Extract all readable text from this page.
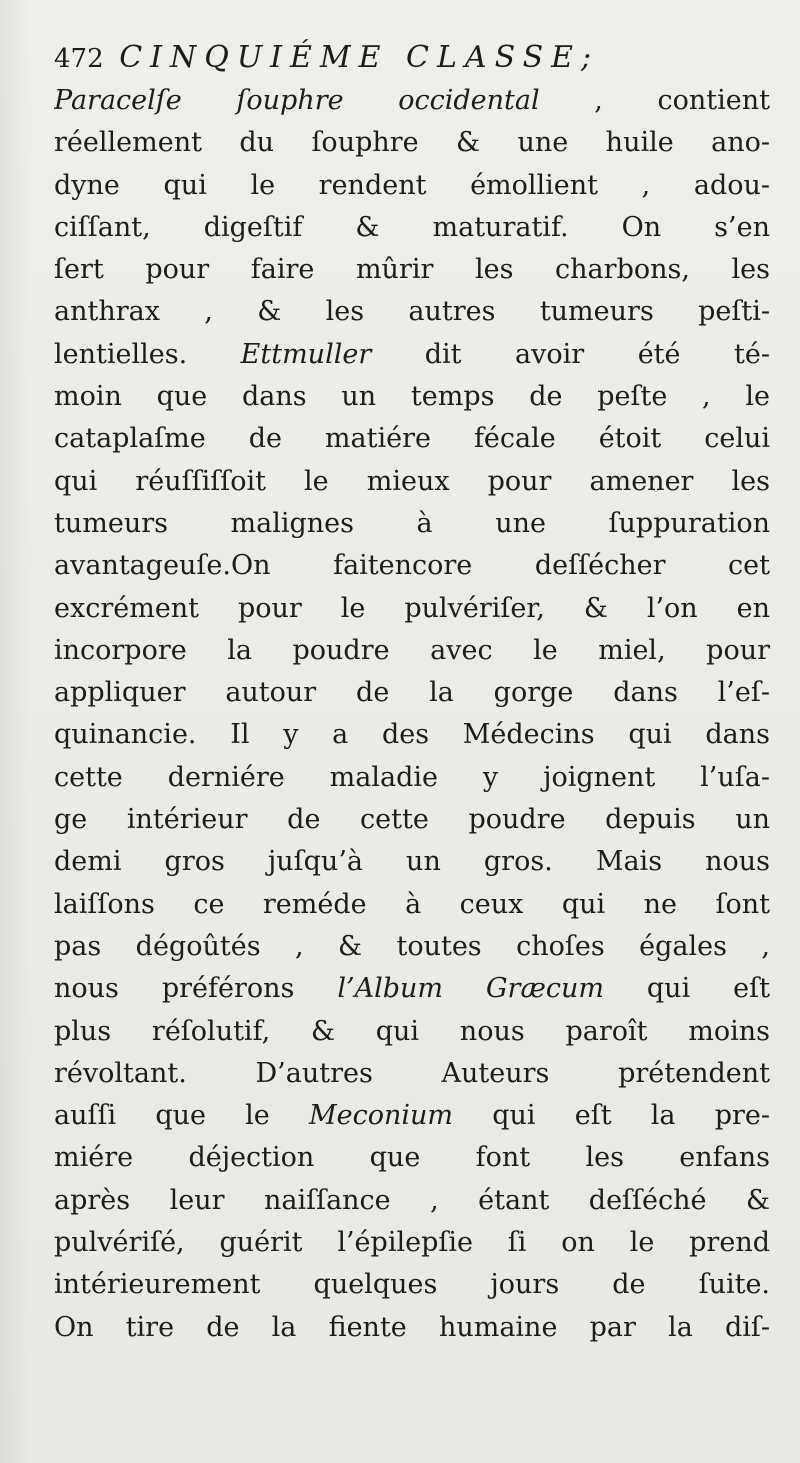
472 CINQUIÉME CLASSE;
Paracelſe ſouphre occidental , contient
réellement du ſouphre & une huile ano-
dyne qui le rendent émollient , adou-
ciſſant, digeſtif & maturatif. On s’en
ſert pour faire mûrir les charbons, les
anthrax , & les autres tumeurs peſti-
lentielles. Ettmuller dit avoir été té-
moin que dans un temps de peſte , le
cataplaſme de matiére fécale étoit celui
qui réuſſiſſoit le mieux pour amener les
tumeurs malignes à une ſuppuration
avantageuſe.On faitencore deſſécher cet
excrément pour le pulvériſer, & l’on en
incorpore la poudre avec le miel, pour
appliquer autour de la gorge dans l’eſ-
quinancie. Il y a des Médecins qui dans
cette derniére maladie y joignent l’uſa-
ge intérieur de cette poudre depuis un
demi gros juſqu’à un gros. Mais nous
laiſſons ce reméde à ceux qui ne ſont
pas dégoûtés , & toutes choſes égales ,
nous préférons l’Album Græcum qui eſt
plus réſolutif, & qui nous paroît moins
révoltant. D’autres Auteurs prétendent
auſſi que le Meconium qui eſt la pre-
miére déjection que font les enfans
après leur naiſſance , étant deſſéché &
pulvériſé, guérit l’épilepſie ſi on le prend
intérieurement quelques jours de ſuite.
On tire de la fiente humaine par la diſ-
